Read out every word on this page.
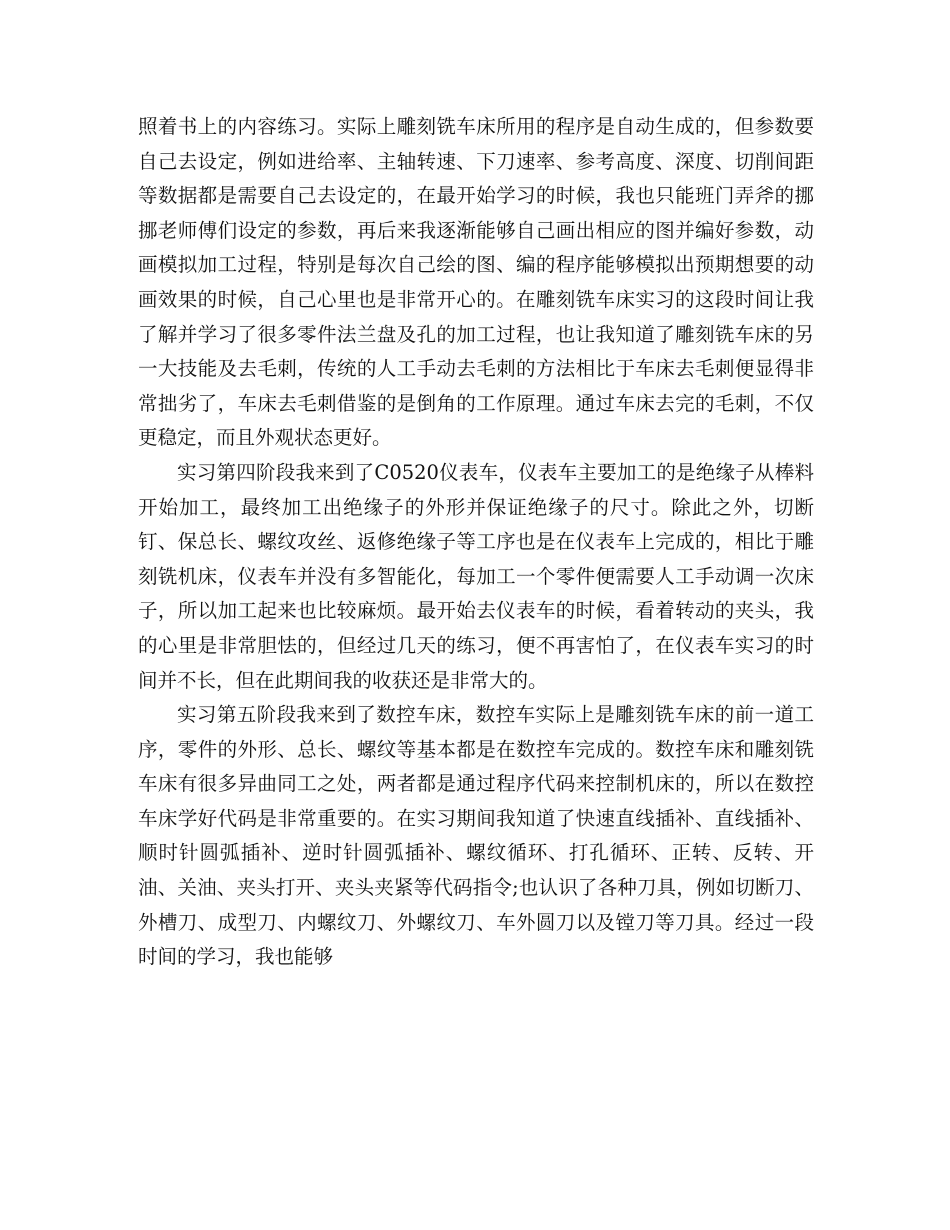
照着书上的内容练习。实际上雕刻铣车床所用的程序是自动生成的，但参数要自己去设定，例如进给率、主轴转速、下刀速率、参考高度、深度、切削间距等数据都是需要自己去设定的，在最开始学习的时候，我也只能班门弄斧的挪挪老师傅们设定的参数，再后来我逐渐能够自己画出相应的图并编好参数，动画模拟加工过程，特别是每次自己绘的图、编的程序能够模拟出预期想要的动画效果的时候，自己心里也是非常开心的。在雕刻铣车床实习的这段时间让我了解并学习了很多零件法兰盘及孔的加工过程，也让我知道了雕刻铣车床的另一大技能及去毛刺，传统的人工手动去毛刺的方法相比于车床去毛刺便显得非常拙劣了，车床去毛刺借鉴的是倒角的工作原理。通过车床去完的毛刺，不仅更稳定，而且外观状态更好。

实习第四阶段我来到了C0520仪表车，仪表车主要加工的是绝缘子从棒料开始加工，最终加工出绝缘子的外形并保证绝缘子的尺寸。除此之外，切断钉、保总长、螺纹攻丝、返修绝缘子等工序也是在仪表车上完成的，相比于雕刻铣机床，仪表车并没有多智能化，每加工一个零件便需要人工手动调一次床子，所以加工起来也比较麻烦。最开始去仪表车的时候，看着转动的夹头，我的心里是非常胆怯的，但经过几天的练习，便不再害怕了，在仪表车实习的时间并不长，但在此期间我的收获还是非常大的。

实习第五阶段我来到了数控车床，数控车实际上是雕刻铣车床的前一道工序，零件的外形、总长、螺纹等基本都是在数控车完成的。数控车床和雕刻铣车床有很多异曲同工之处，两者都是通过程序代码来控制机床的，所以在数控车床学好代码是非常重要的。在实习期间我知道了快速直线插补、直线插补、顺时针圆弧插补、逆时针圆弧插补、螺纹循环、打孔循环、正转、反转、开油、关油、夹头打开、夹头夹紧等代码指令;也认识了各种刀具，例如切断刀、外槽刀、成型刀、内螺纹刀、外螺纹刀、车外圆刀以及镗刀等刀具。经过一段时间的学习，我也能够
